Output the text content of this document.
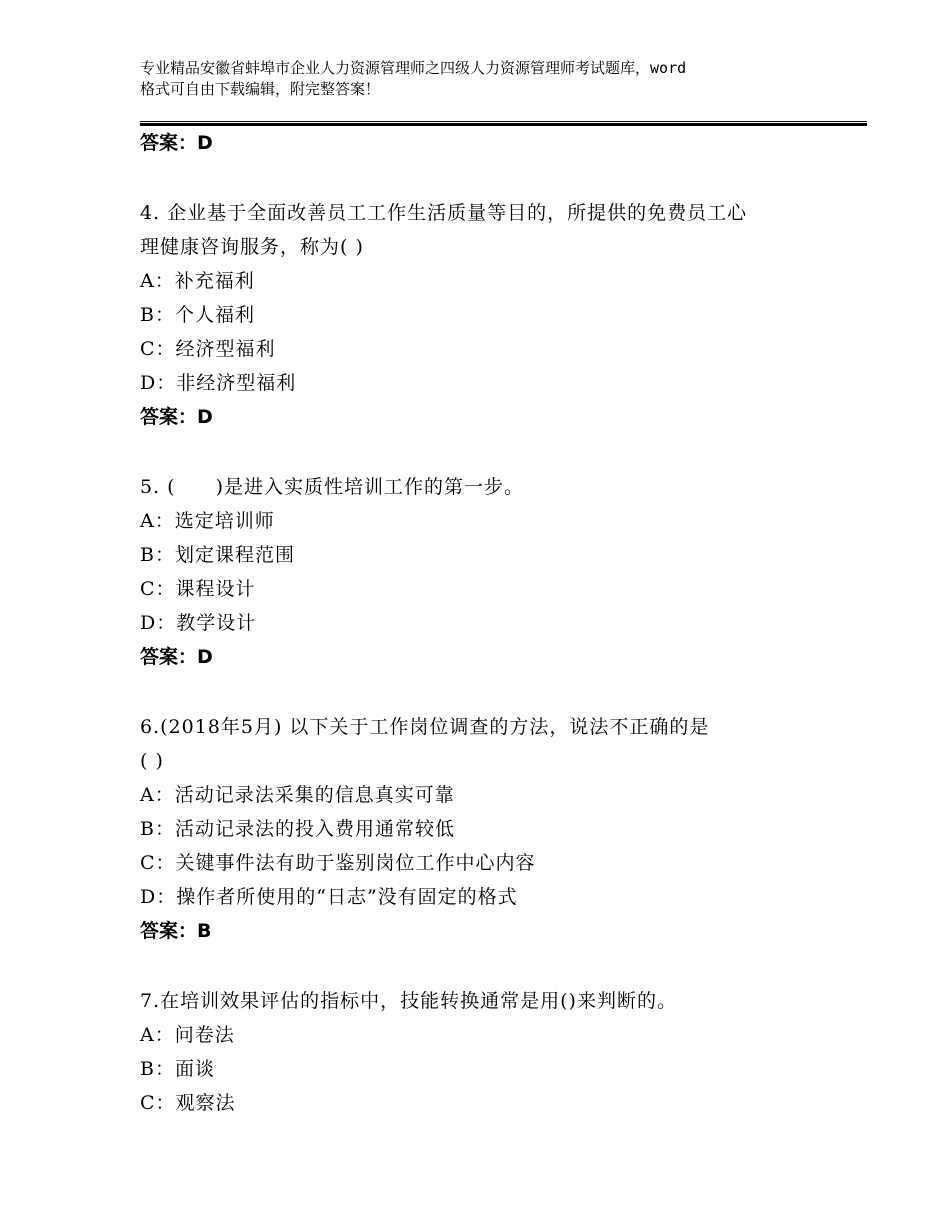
专业精品安徽省蚌埠市企业人力资源管理师之四级人力资源管理师考试题库，word
格式可自由下载编辑，附完整答案！
答案：D
4. 企业基于全面改善员工工作生活质量等目的，所提供的免费员工心
理健康咨询服务，称为( )
A：补充福利
B：个人福利
C：经济型福利
D：非经济型福利
答案：D
5. (　　)是进入实质性培训工作的第一步。
A：选定培训师
B：划定课程范围
C：课程设计
D：教学设计
答案：D
6.(2018年5月) 以下关于工作岗位调查的方法，说法不正确的是
( )
A：活动记录法采集的信息真实可靠
B：活动记录法的投入费用通常较低
C：关键事件法有助于鉴别岗位工作中心内容
D：操作者所使用的“日志”没有固定的格式
答案：B
7.在培训效果评估的指标中，技能转换通常是用()来判断的。
A：问卷法
B：面谈
C：观察法
